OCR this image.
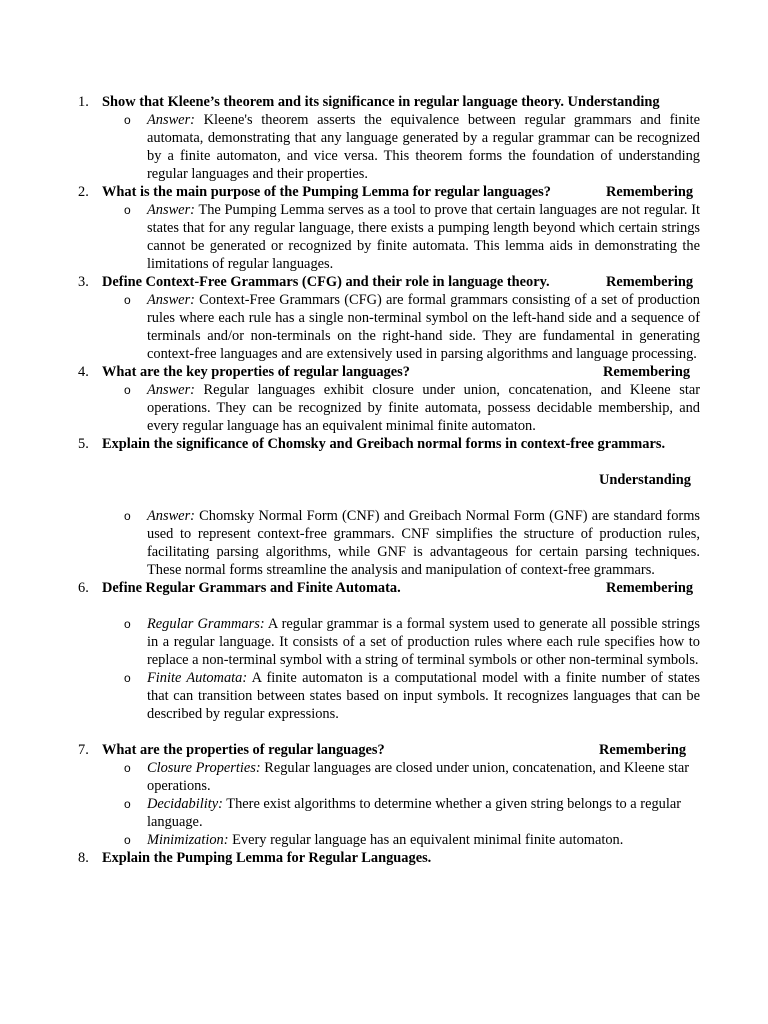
1. Show that Kleene’s theorem and its significance in regular language theory. Understanding
o Answer: Kleene's theorem asserts the equivalence between regular grammars and finite automata, demonstrating that any language generated by a regular grammar can be recognized by a finite automaton, and vice versa. This theorem forms the foundation of understanding regular languages and their properties.
2. What is the main purpose of the Pumping Lemma for regular languages?	Remembering
o Answer: The Pumping Lemma serves as a tool to prove that certain languages are not regular. It states that for any regular language, there exists a pumping length beyond which certain strings cannot be generated or recognized by finite automata. This lemma aids in demonstrating the limitations of regular languages.
3. Define Context-Free Grammars (CFG) and their role in language theory.	Remembering
o Answer: Context-Free Grammars (CFG) are formal grammars consisting of a set of production rules where each rule has a single non-terminal symbol on the left-hand side and a sequence of terminals and/or non-terminals on the right-hand side. They are fundamental in generating context-free languages and are extensively used in parsing algorithms and language processing.
4. What are the key properties of regular languages?	Remembering
o Answer: Regular languages exhibit closure under union, concatenation, and Kleene star operations. They can be recognized by finite automata, possess decidable membership, and every regular language has an equivalent minimal finite automaton.
5. Explain the significance of Chomsky and Greibach normal forms in context-free grammars.
Understanding
o Answer: Chomsky Normal Form (CNF) and Greibach Normal Form (GNF) are standard forms used to represent context-free grammars. CNF simplifies the structure of production rules, facilitating parsing algorithms, while GNF is advantageous for certain parsing techniques. These normal forms streamline the analysis and manipulation of context-free grammars.
6. Define Regular Grammars and Finite Automata.	Remembering
o Regular Grammars: A regular grammar is a formal system used to generate all possible strings in a regular language. It consists of a set of production rules where each rule specifies how to replace a non-terminal symbol with a string of terminal symbols or other non-terminal symbols.
o Finite Automata: A finite automaton is a computational model with a finite number of states that can transition between states based on input symbols. It recognizes languages that can be described by regular expressions.
7. What are the properties of regular languages?	Remembering
o Closure Properties: Regular languages are closed under union, concatenation, and Kleene star operations.
o Decidability: There exist algorithms to determine whether a given string belongs to a regular language.
o Minimization: Every regular language has an equivalent minimal finite automaton.
8. Explain the Pumping Lemma for Regular Languages.
